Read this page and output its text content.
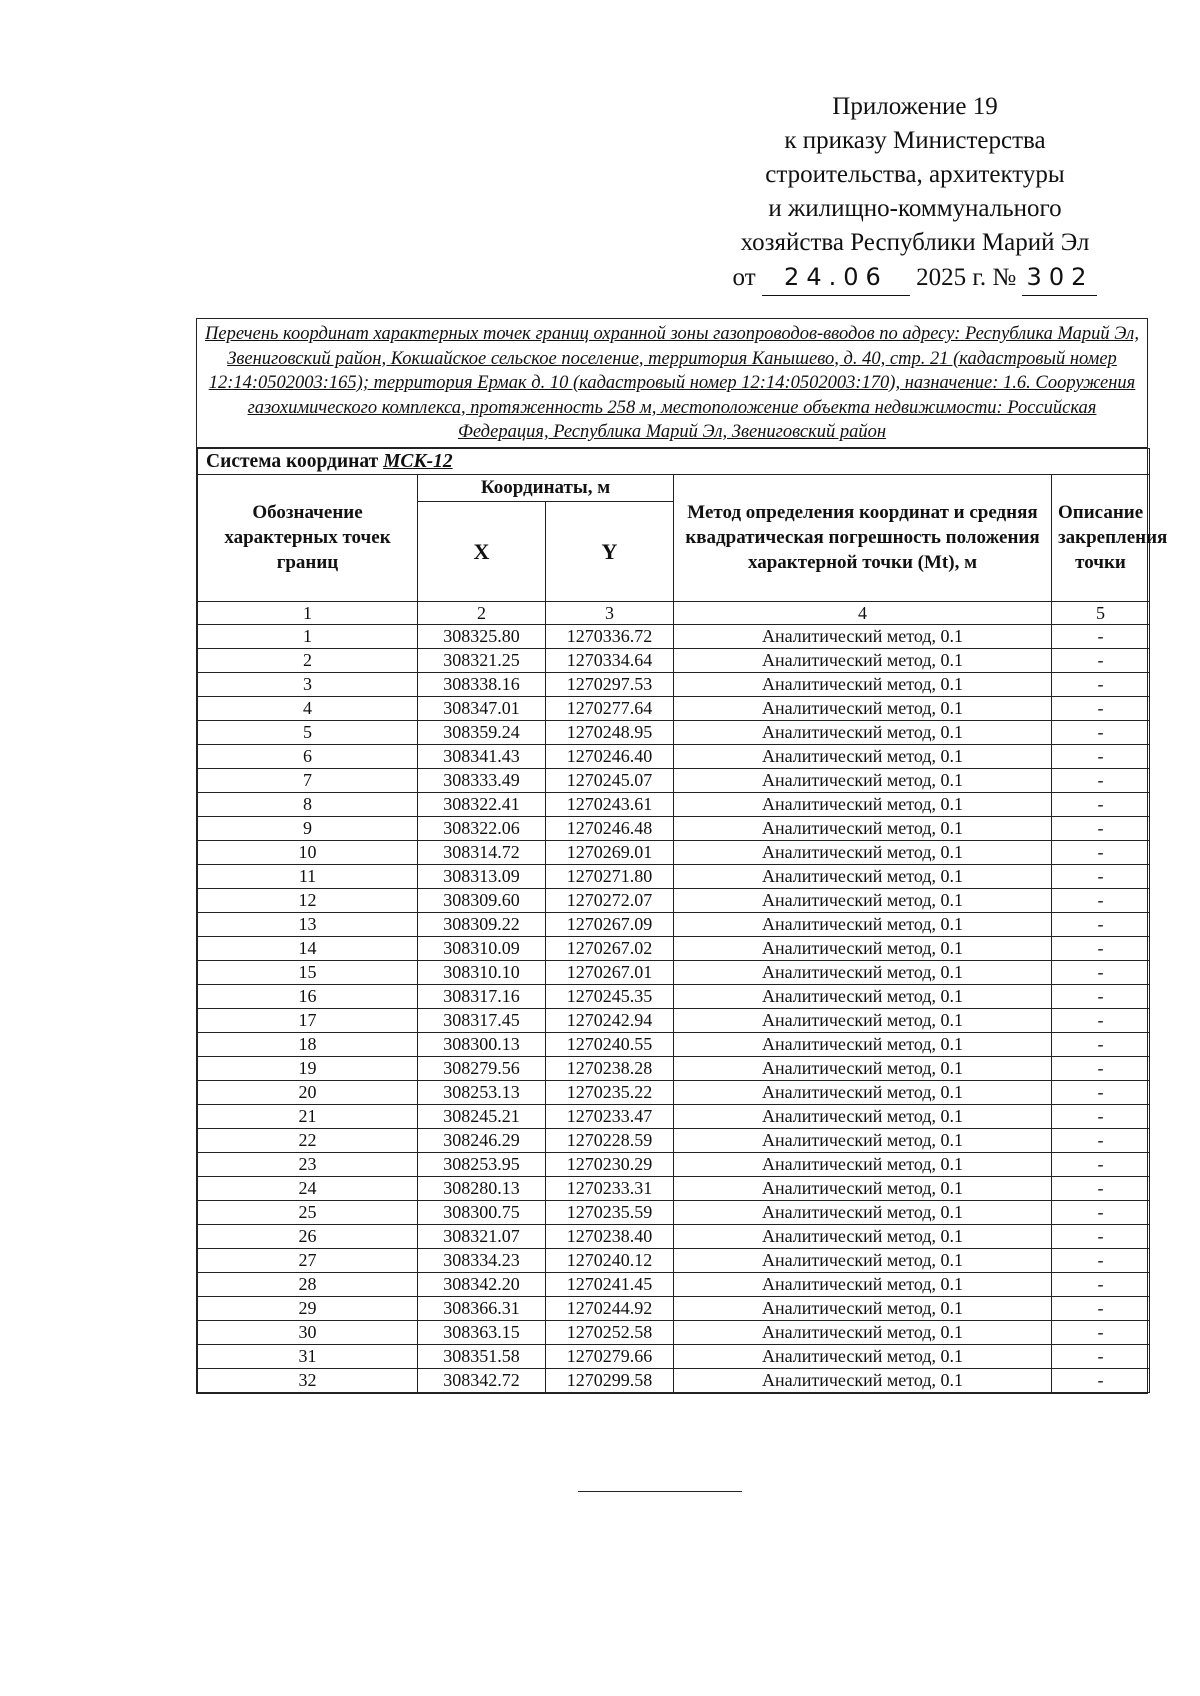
Приложение 19
к приказу Министерства
строительства, архитектуры
и жилищно-коммунального
хозяйства Республики Марий Эл
от 24.06 2025 г. № 302
Перечень координат характерных точек границ охранной зоны газопроводов-вводов по адресу: Республика Марий Эл, Звениговский район, Кокшайское сельское поселение, территория Канышево, д. 40, стр. 21 (кадастровый номер 12:14:0502003:165); территория Ермак д. 10 (кадастровый номер 12:14:0502003:170), назначение: 1.6. Сооружения газохимического комплекса, протяженность 258 м, местоположение объекта недвижимости: Российская Федерация, Республика Марий Эл, Звениговский район
Система координат МСК-12				
Обозначение характерных точек границ	Координаты, м		Метод определения координат и средняя квадратическая погрешность положения характерной точки (Mt), м	Описание закрепления точки
	X	Y		
1	2	3	4	5
1	308325.80	1270336.72	Аналитический метод, 0.1	-
2	308321.25	1270334.64	Аналитический метод, 0.1	-
3	308338.16	1270297.53	Аналитический метод, 0.1	-
4	308347.01	1270277.64	Аналитический метод, 0.1	-
5	308359.24	1270248.95	Аналитический метод, 0.1	-
6	308341.43	1270246.40	Аналитический метод, 0.1	-
7	308333.49	1270245.07	Аналитический метод, 0.1	-
8	308322.41	1270243.61	Аналитический метод, 0.1	-
9	308322.06	1270246.48	Аналитический метод, 0.1	-
10	308314.72	1270269.01	Аналитический метод, 0.1	-
11	308313.09	1270271.80	Аналитический метод, 0.1	-
12	308309.60	1270272.07	Аналитический метод, 0.1	-
13	308309.22	1270267.09	Аналитический метод, 0.1	-
14	308310.09	1270267.02	Аналитический метод, 0.1	-
15	308310.10	1270267.01	Аналитический метод, 0.1	-
16	308317.16	1270245.35	Аналитический метод, 0.1	-
17	308317.45	1270242.94	Аналитический метод, 0.1	-
18	308300.13	1270240.55	Аналитический метод, 0.1	-
19	308279.56	1270238.28	Аналитический метод, 0.1	-
20	308253.13	1270235.22	Аналитический метод, 0.1	-
21	308245.21	1270233.47	Аналитический метод, 0.1	-
22	308246.29	1270228.59	Аналитический метод, 0.1	-
23	308253.95	1270230.29	Аналитический метод, 0.1	-
24	308280.13	1270233.31	Аналитический метод, 0.1	-
25	308300.75	1270235.59	Аналитический метод, 0.1	-
26	308321.07	1270238.40	Аналитический метод, 0.1	-
27	308334.23	1270240.12	Аналитический метод, 0.1	-
28	308342.20	1270241.45	Аналитический метод, 0.1	-
29	308366.31	1270244.92	Аналитический метод, 0.1	-
30	308363.15	1270252.58	Аналитический метод, 0.1	-
31	308351.58	1270279.66	Аналитический метод, 0.1	-
32	308342.72	1270299.58	Аналитический метод, 0.1	-
